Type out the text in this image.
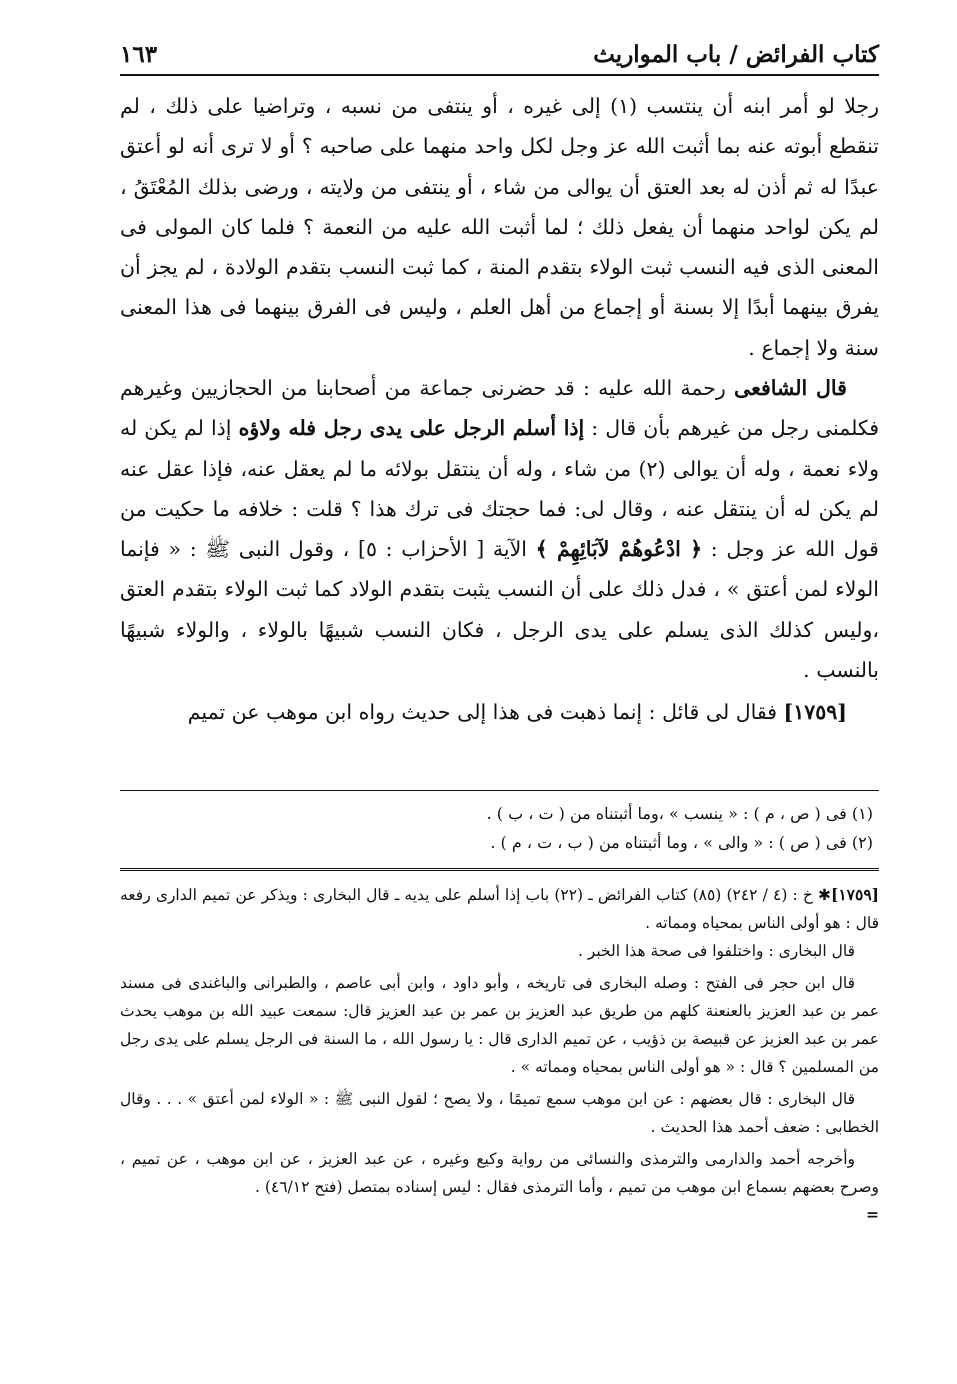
كتاب الفرائض / باب المواريث
١٦٣

رجلا لو أمر ابنه أن ينتسب (١) إلى غيره ، أو ينتفى من نسبه ، وتراضيا على ذلك ، لم تنقطع أبوته عنه بما أثبت الله عز وجل لكل واحد منهما على صاحبه ؟ أو لا ترى أنه لو أعتق عبدًا له ثم أذن له بعد العتق أن يوالى من شاء ، أو ينتفى من ولايته ، ورضى بذلك المُعْتَقُ ، لم يكن لواحد منهما أن يفعل ذلك ؛ لما أثبت الله عليه من النعمة ؟ فلما كان المولى فى المعنى الذى فيه النسب ثبت الولاء بتقدم المنة ، كما ثبت النسب بتقدم الولادة ، لم يجز أن يفرق بينهما أبدًا إلا بسنة أو إجماع من أهل العلم ، وليس فى الفرق بينهما فى هذا المعنى سنة ولا إجماع .

قال الشافعى رحمة الله عليه : قد حضرنى جماعة من أصحابنا من الحجازيين وغيرهم فكلمنى رجل من غيرهم بأن قال : إذا أسلم الرجل على يدى رجل فله ولاؤه إذا لم يكن له ولاء نعمة ، وله أن يوالى (٢) من شاء ، وله أن ينتقل بولائه ما لم يعقل عنه، فإذا عقل عنه لم يكن له أن ينتقل عنه ، وقال لى: فما حجتك فى ترك هذا ؟ قلت : خلافه ما حكيت من قول الله عز وجل : ﴿ ادْعُوهُمْ لآبَائِهِمْ ﴾ الآية [ الأحزاب : ٥] ، وقول النبى ﷺ : « فإنما الولاء لمن أعتق » ، فدل ذلك على أن النسب يثبت بتقدم الولاد كما ثبت الولاء بتقدم العتق ،وليس كذلك الذى يسلم على يدى الرجل ، فكان النسب شبيهًا بالولاء ، والولاء شبيهًا بالنسب .

[١٧٥٩] فقال لى قائل : إنما ذهبت فى هذا إلى حديث رواه ابن موهب عن تميم

(١) فى ( ص ، م ) : « ينسب » ،وما أثبتناه من ( ت ، ب ) .
(٢) فى ( ص ) : « والى » ، وما أثبتناه من ( ب ، ت ، م ) .

[١٧٥٩]✱ خ : (٤ / ٢٤٢) (٨٥) كتاب الفرائض ـ (٢٢) باب إذا أسلم على يديه ـ قال البخارى : ويذكر عن تميم الدارى رفعه قال : هو أولى الناس بمحياه ومماته .

قال البخارى : واختلفوا فى صحة هذا الخبر .

قال ابن حجر فى الفتح : وصله البخارى فى تاريخه ، وأبو داود ، وابن أبى عاصم ، والطبرانى والباغندى فى مسند عمر بن عبد العزيز بالعنعنة كلهم من طريق عبد العزيز بن عمر بن عبد العزيز قال: سمعت عبيد الله بن موهب يحدث عمر بن عبد العزيز عن قبيصة بن ذؤيب ، عن تميم الدارى قال : يا رسول الله ، ما السنة فى الرجل يسلم على يدى رجل من المسلمين ؟ قال : « هو أولى الناس بمحياه ومماته » .

قال البخارى : قال بعضهم : عن ابن موهب سمع تميمًا ، ولا يصح ؛ لقول النبى ﷺ : « الولاء لمن أعتق » . . . وقال الخطابى : ضعف أحمد هذا الحديث .

وأخرجه أحمد والدارمى والترمذى والنسائى من رواية وكيع وغيره ، عن عبد العزيز ، عن ابن موهب ، عن تميم ، وصرح بعضهم بسماع ابن موهب من تميم ، وأما الترمذى فقال : ليس إسناده بمتصل (فتح ٤٦/١٢) .

=
